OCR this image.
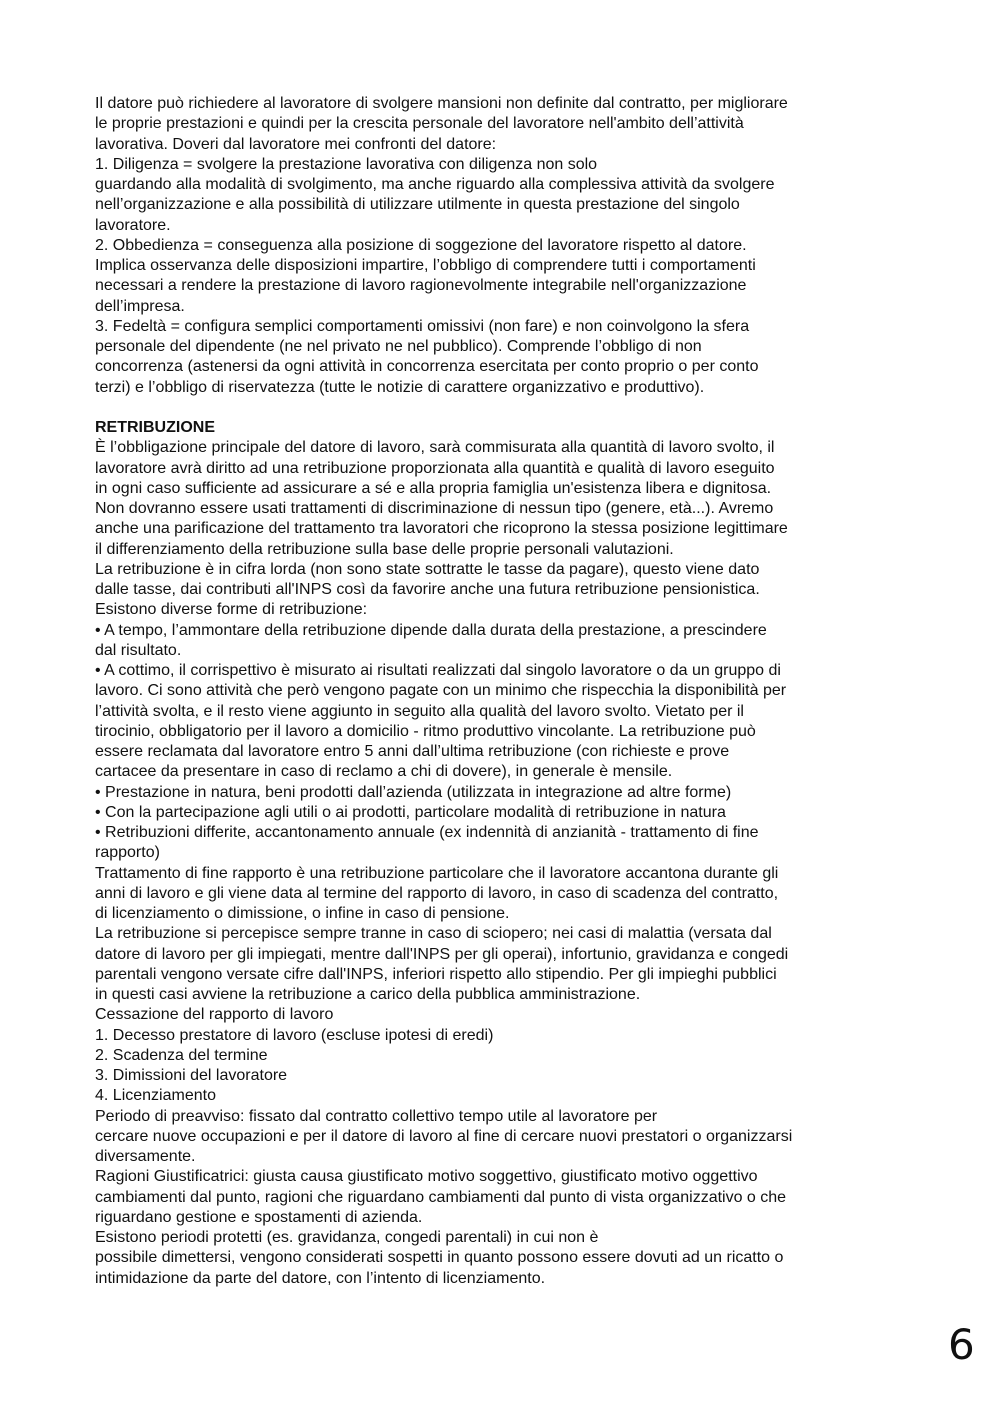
Il datore può richiedere al lavoratore di svolgere mansioni non definite dal contratto, per migliorare
le proprie prestazioni e quindi per la crescita personale del lavoratore nell'ambito dell’attività
lavorativa. Doveri dal lavoratore mei confronti del datore:
1. Diligenza = svolgere la prestazione lavorativa con diligenza non solo
guardando alla modalità di svolgimento, ma anche riguardo alla complessiva attività da svolgere
nell’organizzazione e alla possibilità di utilizzare utilmente in questa prestazione del singolo
lavoratore.
2. Obbedienza = conseguenza alla posizione di soggezione del lavoratore rispetto al datore.
Implica osservanza delle disposizioni impartire, l’obbligo di comprendere tutti i comportamenti
necessari a rendere la prestazione di lavoro ragionevolmente integrabile nell'organizzazione
dell’impresa.
3. Fedeltà = configura semplici comportamenti omissivi (non fare) e non coinvolgono la sfera
personale del dipendente (ne nel privato ne nel pubblico). Comprende l’obbligo di non
concorrenza (astenersi da ogni attività in concorrenza esercitata per conto proprio o per conto
terzi) e l’obbligo di riservatezza (tutte le notizie di carattere organizzativo e produttivo).
RETRIBUZIONE
È l’obbligazione principale del datore di lavoro, sarà commisurata alla quantità di lavoro svolto, il
lavoratore avrà diritto ad una retribuzione proporzionata alla quantità e qualità di lavoro eseguito
in ogni caso sufficiente ad assicurare a sé e alla propria famiglia un'esistenza libera e dignitosa.
Non dovranno essere usati trattamenti di discriminazione di nessun tipo (genere, età...). Avremo
anche una parificazione del trattamento tra lavoratori che ricoprono la stessa posizione legittimare
il differenziamento della retribuzione sulla base delle proprie personali valutazioni.
La retribuzione è in cifra lorda (non sono state sottratte le tasse da pagare), questo viene dato
dalle tasse, dai contributi all'INPS così da favorire anche una futura retribuzione pensionistica.
Esistono diverse forme di retribuzione:
• A tempo, l’ammontare della retribuzione dipende dalla durata della prestazione, a prescindere
dal risultato.
• A cottimo, il corrispettivo è misurato ai risultati realizzati dal singolo lavoratore o da un gruppo di
lavoro. Ci sono attività che però vengono pagate con un minimo che rispecchia la disponibilità per
l’attività svolta, e il resto viene aggiunto in seguito alla qualità del lavoro svolto. Vietato per il
tirocinio, obbligatorio per il lavoro a domicilio - ritmo produttivo vincolante. La retribuzione può
essere reclamata dal lavoratore entro 5 anni dall’ultima retribuzione (con richieste e prove
cartacee da presentare in caso di reclamo a chi di dovere), in generale è mensile.
• Prestazione in natura, beni prodotti dall’azienda (utilizzata in integrazione ad altre forme)
• Con la partecipazione agli utili o ai prodotti, particolare modalità di retribuzione in natura
• Retribuzioni differite, accantonamento annuale (ex indennità di anzianità - trattamento di fine
rapporto)
Trattamento di fine rapporto è una retribuzione particolare che il lavoratore accantona durante gli
anni di lavoro e gli viene data al termine del rapporto di lavoro, in caso di scadenza del contratto,
di licenziamento o dimissione, o infine in caso di pensione.
La retribuzione si percepisce sempre tranne in caso di sciopero; nei casi di malattia (versata dal
datore di lavoro per gli impiegati, mentre dall'INPS per gli operai), infortunio, gravidanza e congedi
parentali vengono versate cifre dall'INPS, inferiori rispetto allo stipendio. Per gli impieghi pubblici
in questi casi avviene la retribuzione a carico della pubblica amministrazione.
Cessazione del rapporto di lavoro
1. Decesso prestatore di lavoro (escluse ipotesi di eredi)
2. Scadenza del termine
3. Dimissioni del lavoratore
4. Licenziamento
Periodo di preavviso: fissato dal contratto collettivo tempo utile al lavoratore per
cercare nuove occupazioni e per il datore di lavoro al fine di cercare nuovi prestatori o organizzarsi
diversamente.
Ragioni Giustificatrici: giusta causa giustificato motivo soggettivo, giustificato motivo oggettivo
cambiamenti dal punto, ragioni che riguardano cambiamenti dal punto di vista organizzativo o che
riguardano gestione e spostamenti di azienda.
Esistono periodi protetti (es. gravidanza, congedi parentali) in cui non è
possibile dimettersi, vengono considerati sospetti in quanto possono essere dovuti ad un ricatto o
intimidazione da parte del datore, con l’intento di licenziamento.
6
